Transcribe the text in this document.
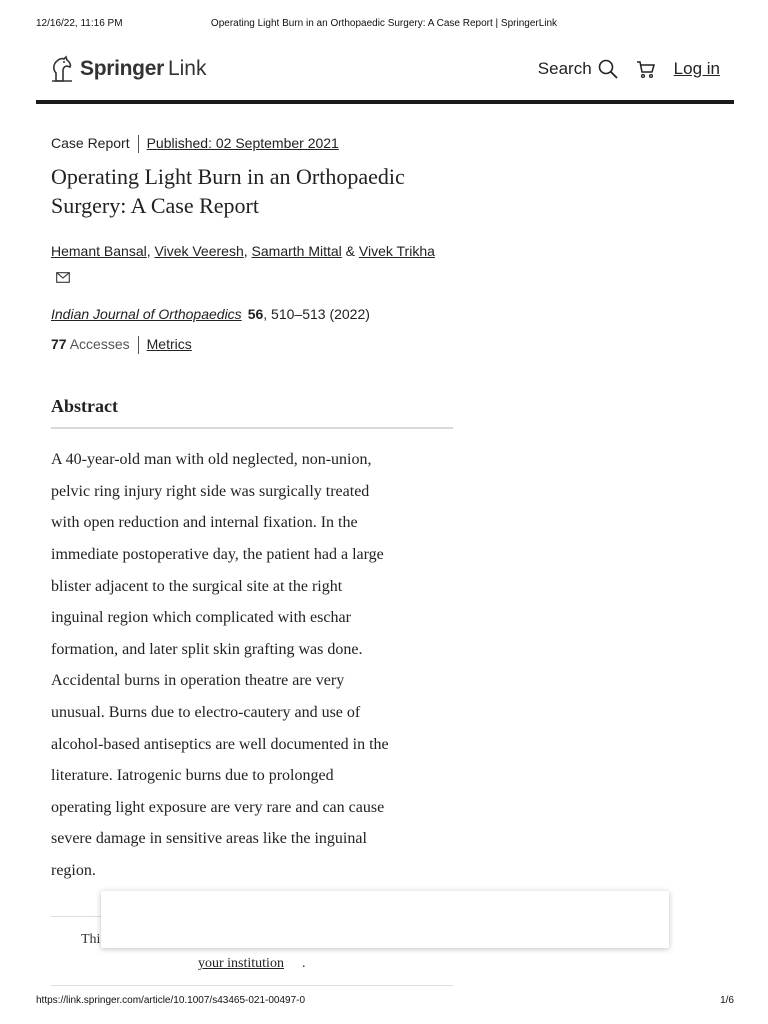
12/16/22, 11:16 PM	Operating Light Burn in an Orthopaedic Surgery: A Case Report | SpringerLink
Springer Link	Search	Log in
Case Report Published: 02 September 2021
Operating Light Burn in an Orthopaedic
Surgery: A Case Report
Hemant Bansal, Vivek Veeresh, Samarth Mittal & Vivek Trikha
Indian Journal of Orthopaedics 56, 510–513 (2022)
77 Accesses Metrics
Abstract
A 40-year-old man with old neglected, non-union,
pelvic ring injury right side was surgically treated
with open reduction and internal fixation. In the
immediate postoperative day, the patient had a large
blister adjacent to the surgical site at the right
inguinal region which complicated with eschar
formation, and later split skin grafting was done.
Accidental burns in operation theatre are very
unusual. Burns due to electro-cautery and use of
alcohol-based antiseptics are well documented in the
literature. Iatrogenic burns due to prolonged
operating light exposure are very rare and can cause
severe damage in sensitive areas like the inguinal
region.
Thi
your institution .
https://link.springer.com/article/10.1007/s43465-021-00497-0	1/6
